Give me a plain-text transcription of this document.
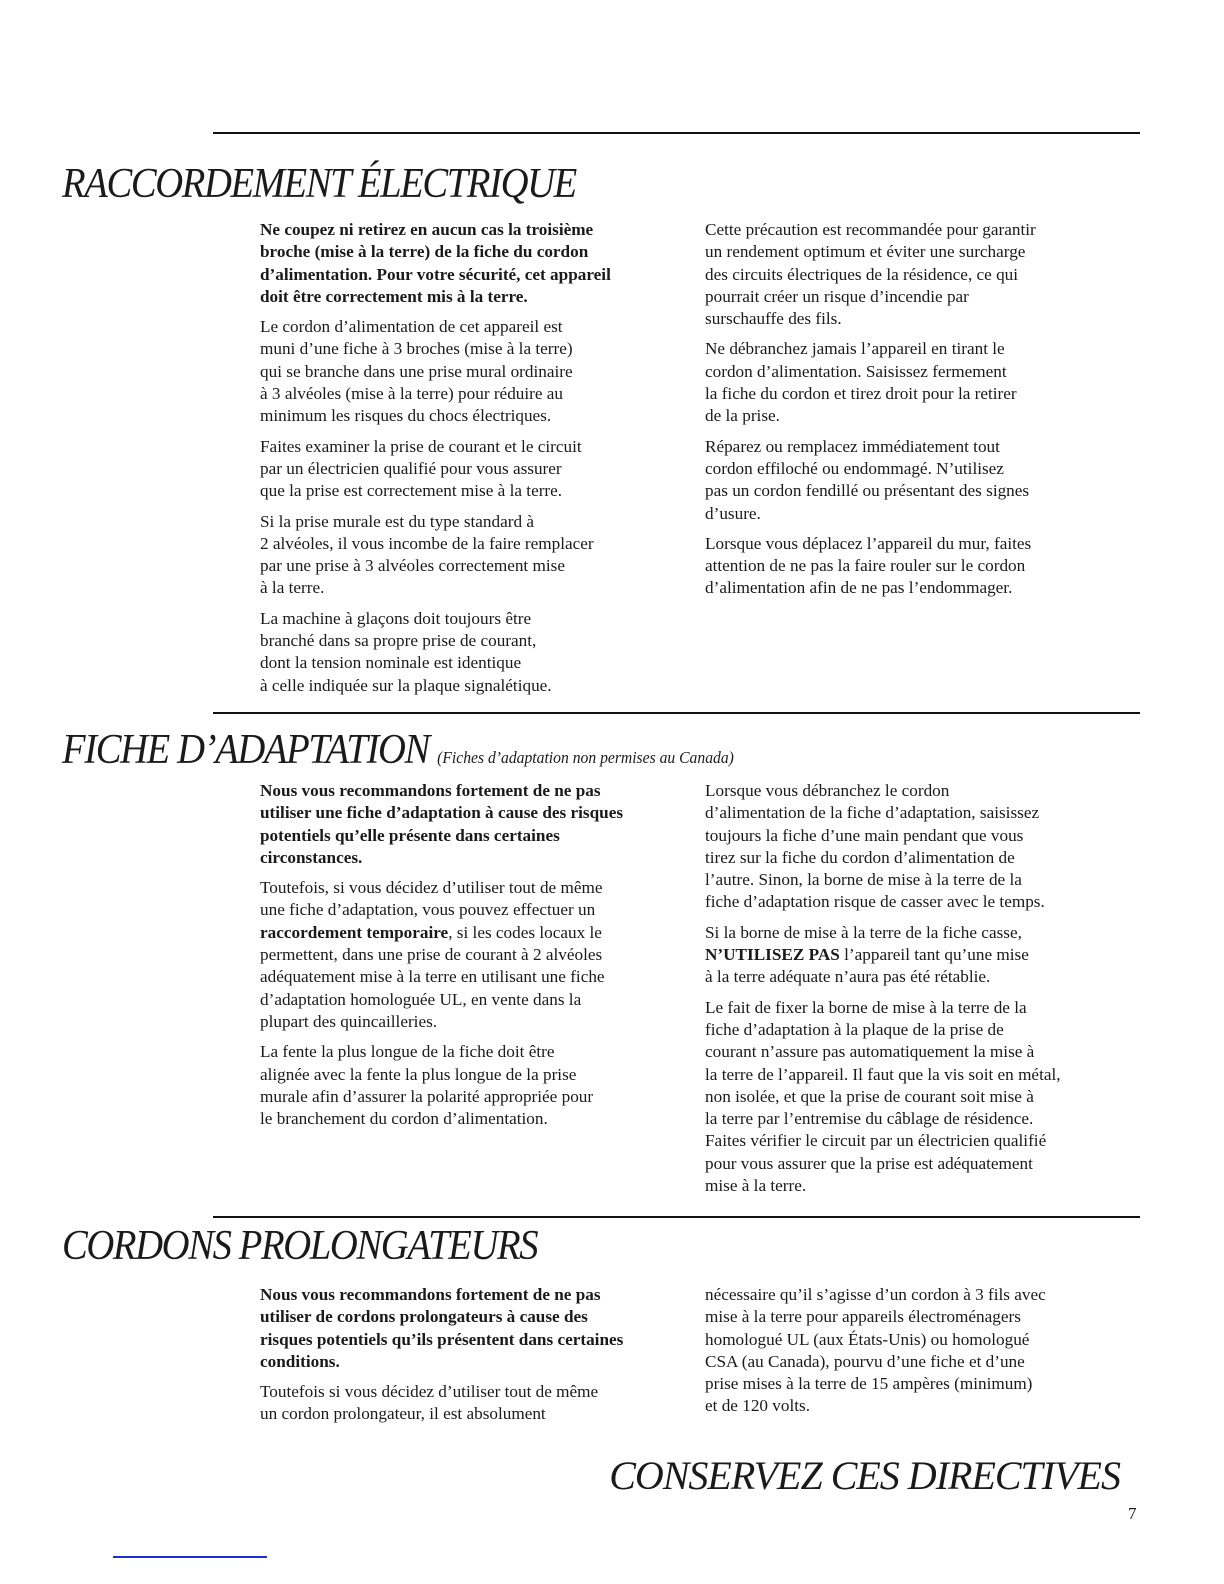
RACCORDEMENT ÉLECTRIQUE

Ne coupez ni retirez en aucun cas la troisième
broche (mise à la terre) de la fiche du cordon
d’alimentation. Pour votre sécurité, cet appareil
doit être correctement mis à la terre.

Le cordon d’alimentation de cet appareil est
muni d’une fiche à 3 broches (mise à la terre)
qui se branche dans une prise mural ordinaire
à 3 alvéoles (mise à la terre) pour réduire au
minimum les risques du chocs électriques.

Faites examiner la prise de courant et le circuit
par un électricien qualifié pour vous assurer
que la prise est correctement mise à la terre.

Si la prise murale est du type standard à
2 alvéoles, il vous incombe de la faire remplacer
par une prise à 3 alvéoles correctement mise
à la terre.

La machine à glaçons doit toujours être
branché dans sa propre prise de courant,
dont la tension nominale est identique
à celle indiquée sur la plaque signalétique.

Cette précaution est recommandée pour garantir
un rendement optimum et éviter une surcharge
des circuits électriques de la résidence, ce qui
pourrait créer un risque d’incendie par
surschauffe des fils.

Ne débranchez jamais l’appareil en tirant le
cordon d’alimentation. Saisissez fermement
la fiche du cordon et tirez droit pour la retirer
de la prise.

Réparez ou remplacez immédiatement tout
cordon effiloché ou endommagé. N’utilisez
pas un cordon fendillé ou présentant des signes
d’usure.

Lorsque vous déplacez l’appareil du mur, faites
attention de ne pas la faire rouler sur le cordon
d’alimentation afin de ne pas l’endommager.

FICHE D’ADAPTATION (Fiches d’adaptation non permises au Canada)

Nous vous recommandons fortement de ne pas
utiliser une fiche d’adaptation à cause des risques
potentiels qu’elle présente dans certaines
circonstances.

Toutefois, si vous décidez d’utiliser tout de même
une fiche d’adaptation, vous pouvez effectuer un
raccordement temporaire, si les codes locaux le
permettent, dans une prise de courant à 2 alvéoles
adéquatement mise à la terre en utilisant une fiche
d’adaptation homologuée UL, en vente dans la
plupart des quincailleries.

La fente la plus longue de la fiche doit être
alignée avec la fente la plus longue de la prise
murale afin d’assurer la polarité appropriée pour
le branchement du cordon d’alimentation.

Lorsque vous débranchez le cordon
d’alimentation de la fiche d’adaptation, saisissez
toujours la fiche d’une main pendant que vous
tirez sur la fiche du cordon d’alimentation de
l’autre. Sinon, la borne de mise à la terre de la
fiche d’adaptation risque de casser avec le temps.

Si la borne de mise à la terre de la fiche casse,
N’UTILISEZ PAS l’appareil tant qu’une mise
à la terre adéquate n’aura pas été rétablie.

Le fait de fixer la borne de mise à la terre de la
fiche d’adaptation à la plaque de la prise de
courant n’assure pas automatiquement la mise à
la terre de l’appareil. Il faut que la vis soit en métal,
non isolée, et que la prise de courant soit mise à
la terre par l’entremise du câblage de résidence.
Faites vérifier le circuit par un électricien qualifié
pour vous assurer que la prise est adéquatement
mise à la terre.

CORDONS PROLONGATEURS

Nous vous recommandons fortement de ne pas
utiliser de cordons prolongateurs à cause des
risques potentiels qu’ils présentent dans certaines
conditions.

Toutefois si vous décidez d’utiliser tout de même
un cordon prolongateur, il est absolument

nécessaire qu’il s’agisse d’un cordon à 3 fils avec
mise à la terre pour appareils électroménagers
homologué UL (aux États-Unis) ou homologué
CSA (au Canada), pourvu d’une fiche et d’une
prise mises à la terre de 15 ampères (minimum)
et de 120 volts.

CONSERVEZ CES DIRECTIVES
7
